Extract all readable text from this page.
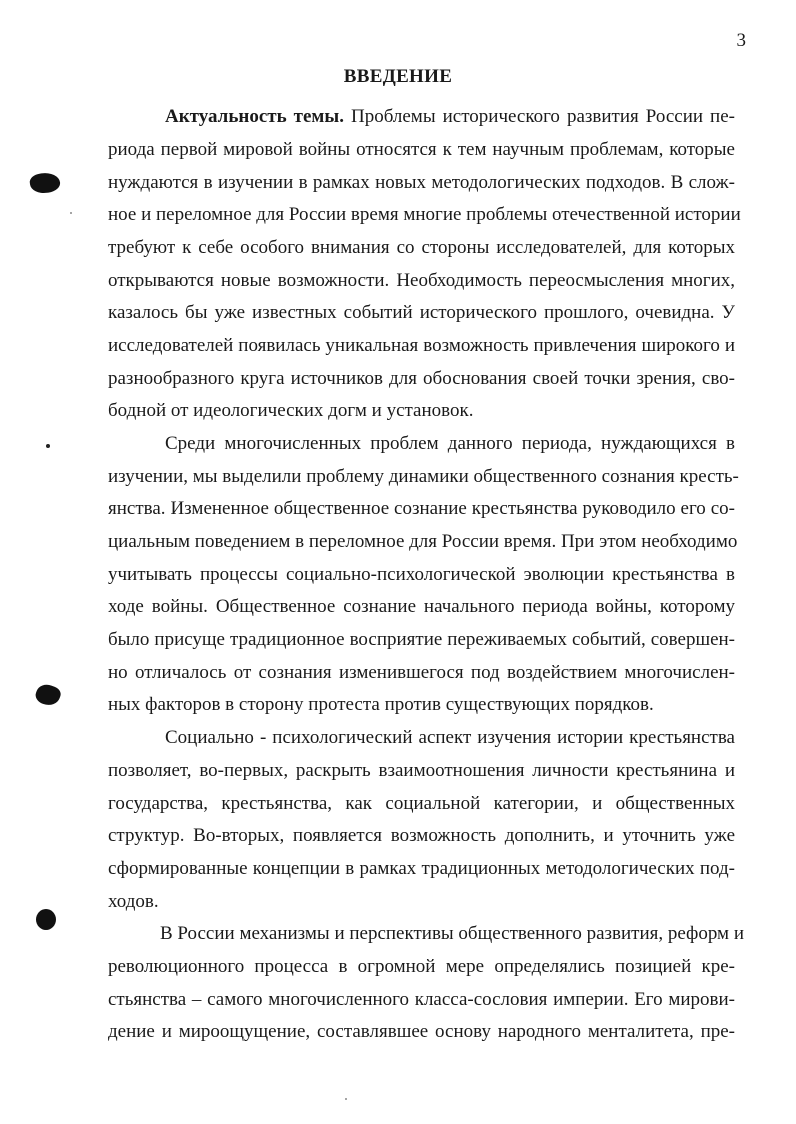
3
ВВЕДЕНИЕ
Актуальность темы. Проблемы исторического развития России пе-
риода первой мировой войны относятся к тем научным проблемам, которые
нуждаются в изучении в рамках новых методологических подходов. В слож-
ное и переломное для России время многие проблемы отечественной истории
требуют к себе особого внимания со стороны исследователей, для которых
открываются новые возможности. Необходимость переосмысления многих,
казалось бы уже известных событий исторического прошлого, очевидна. У
исследователей появилась уникальная возможность привлечения широкого и
разнообразного круга источников для обоснования своей точки зрения, сво-
бодной от идеологических догм и установок.
Среди многочисленных проблем данного периода, нуждающихся в
изучении, мы выделили проблему динамики общественного сознания кресть-
янства. Измененное общественное сознание крестьянства руководило его со-
циальным поведением в переломное для России время. При этом необходимо
учитывать процессы социально-психологической эволюции крестьянства в
ходе войны. Общественное сознание начального периода войны, которому
было присуще традиционное восприятие переживаемых событий, совершен-
но отличалось от сознания изменившегося под воздействием многочислен-
ных факторов в сторону протеста против существующих порядков.
Социально - психологический аспект изучения истории крестьянства
позволяет, во-первых, раскрыть взаимоотношения личности крестьянина и
государства, крестьянства, как социальной категории, и общественных
структур. Во-вторых, появляется возможность дополнить, и уточнить уже
сформированные концепции в рамках традиционных методологических под-
ходов.
В России механизмы и перспективы общественного развития, реформ и
революционного процесса в огромной мере определялись позицией кре-
стьянства – самого многочисленного класса-сословия империи. Его мирови-
дение и мироощущение, составлявшее основу народного менталитета, пре-
